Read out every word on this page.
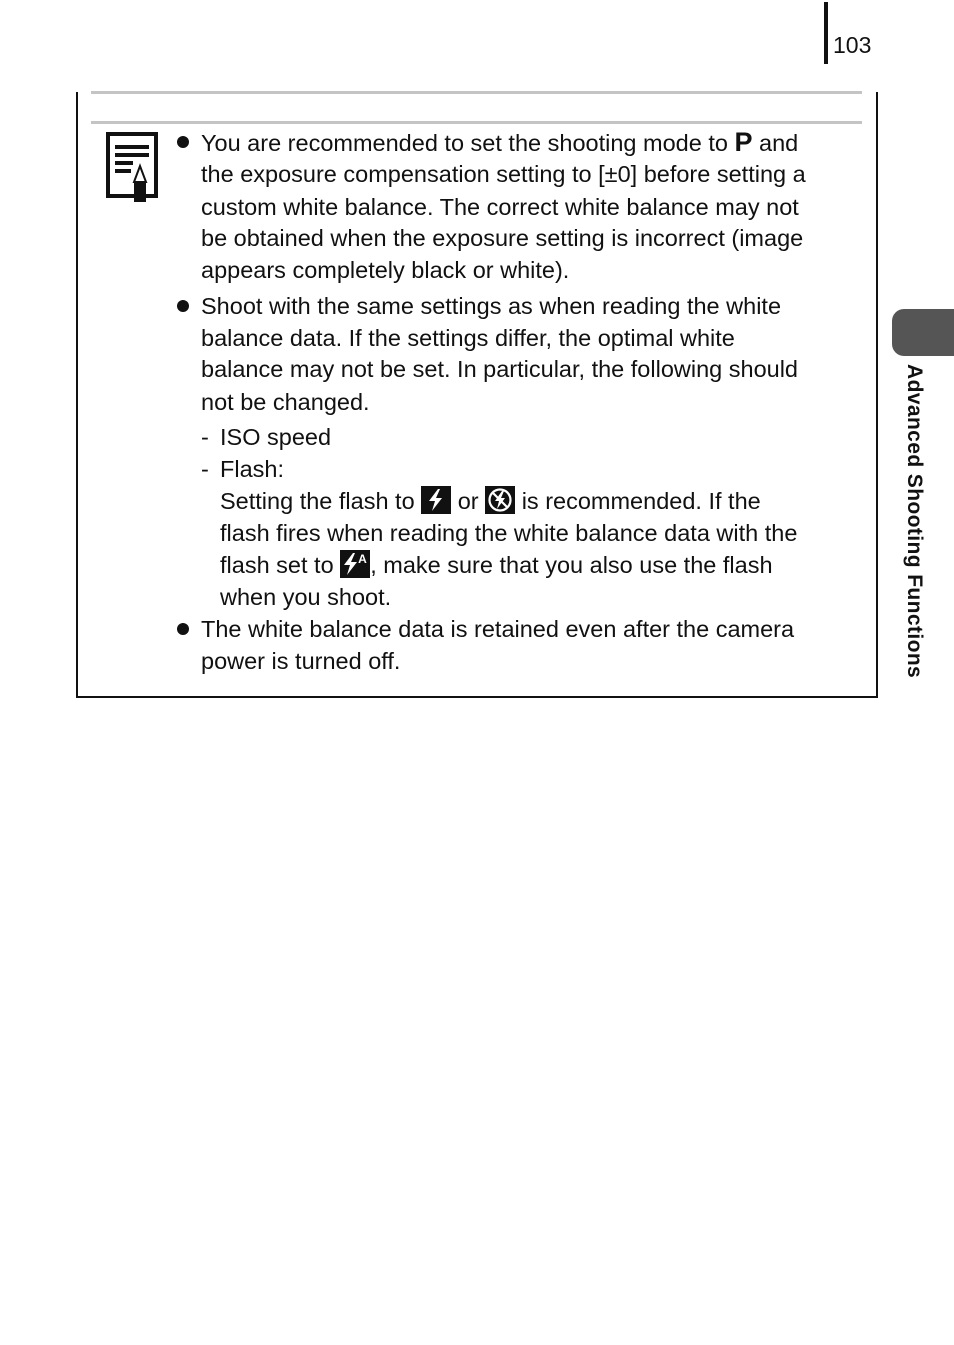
103
Advanced Shooting Functions
You are recommended to set the shooting mode to P and
the exposure compensation setting to [±0] before setting a
custom white balance. The correct white balance may not
be obtained when the exposure setting is incorrect (image
appears completely black or white).
Shoot with the same settings as when reading the white
balance data. If the settings differ, the optimal white
balance may not be set. In particular, the following should
not be changed.
- ISO speed
- Flash:
Setting the flash to or is recommended. If the
flash fires when reading the white balance data with the
flash set to A , make sure that you also use the flash
when you shoot.
The white balance data is retained even after the camera
power is turned off.
